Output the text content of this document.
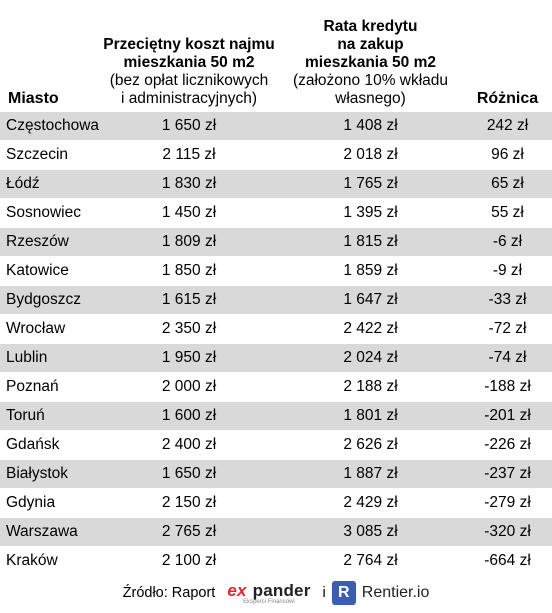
Miasto	Przeciętny koszt najmu
mieszkania 50 m2
(bez opłat licznikowych
i administracyjnych)	Rata kredytu
na zakup
mieszkania 50 m2
(założono 10% wkładu
własnego)	Różnica
Częstochowa	1 650 zł	1 408 zł	242 zł
Szczecin	2 115 zł	2 018 zł	96 zł
Łódź	1 830 zł	1 765 zł	65 zł
Sosnowiec	1 450 zł	1 395 zł	55 zł
Rzeszów	1 809 zł	1 815 zł	-6 zł
Katowice	1 850 zł	1 859 zł	-9 zł
Bydgoszcz	1 615 zł	1 647 zł	-33 zł
Wrocław	2 350 zł	2 422 zł	-72 zł
Lublin	1 950 zł	2 024 zł	-74 zł
Poznań	2 000 zł	2 188 zł	-188 zł
Toruń	1 600 zł	1 801 zł	-201 zł
Gdańsk	2 400 zł	2 626 zł	-226 zł
Białystok	1 650 zł	1 887 zł	-237 zł
Gdynia	2 150 zł	2 429 zł	-279 zł
Warszawa	2 765 zł	3 085 zł	-320 zł
Kraków	2 100 zł	2 764 zł	-664 zł
Źródło: Raport ex pander
Eksperci Finansowi
i R Rentier.io
